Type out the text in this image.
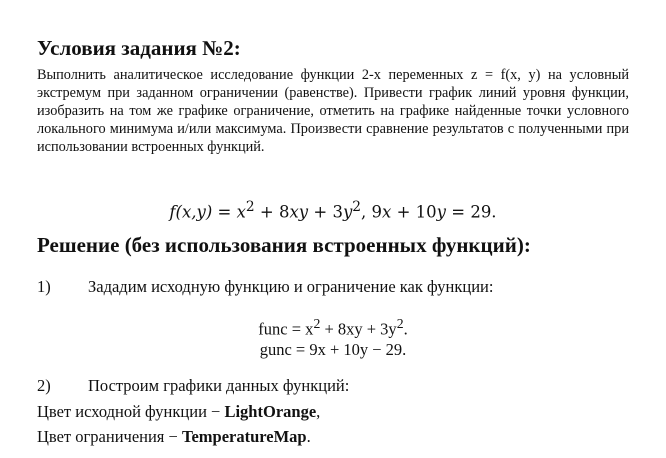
Условия задания №2:

Выполнить аналитическое исследование функции 2-х переменных z = f(x, y) на условный экстремум при заданном ограничении (равенстве). Привести график линий уровня функции, изобразить на том же графике ограничение, отметить на графике найденные точки условного локального минимума и/или максимума. Произвести сравнение результатов с полученными при использовании встроенных функций.

$f(x,y) = x^2 + 8xy + 3y^2$, 9x + 10y = 29.
Решение (без использования встроенных функций):

1) Зададим исходную функцию и ограничение как функции:

func = $x^2 + 8xy + 3y^2$.
gunc = 9x + 10y − 29.

2) Построим графики данных функций:

Цвет исходной функции − LightOrange,

Цвет ограничения − TemperatureMap.
